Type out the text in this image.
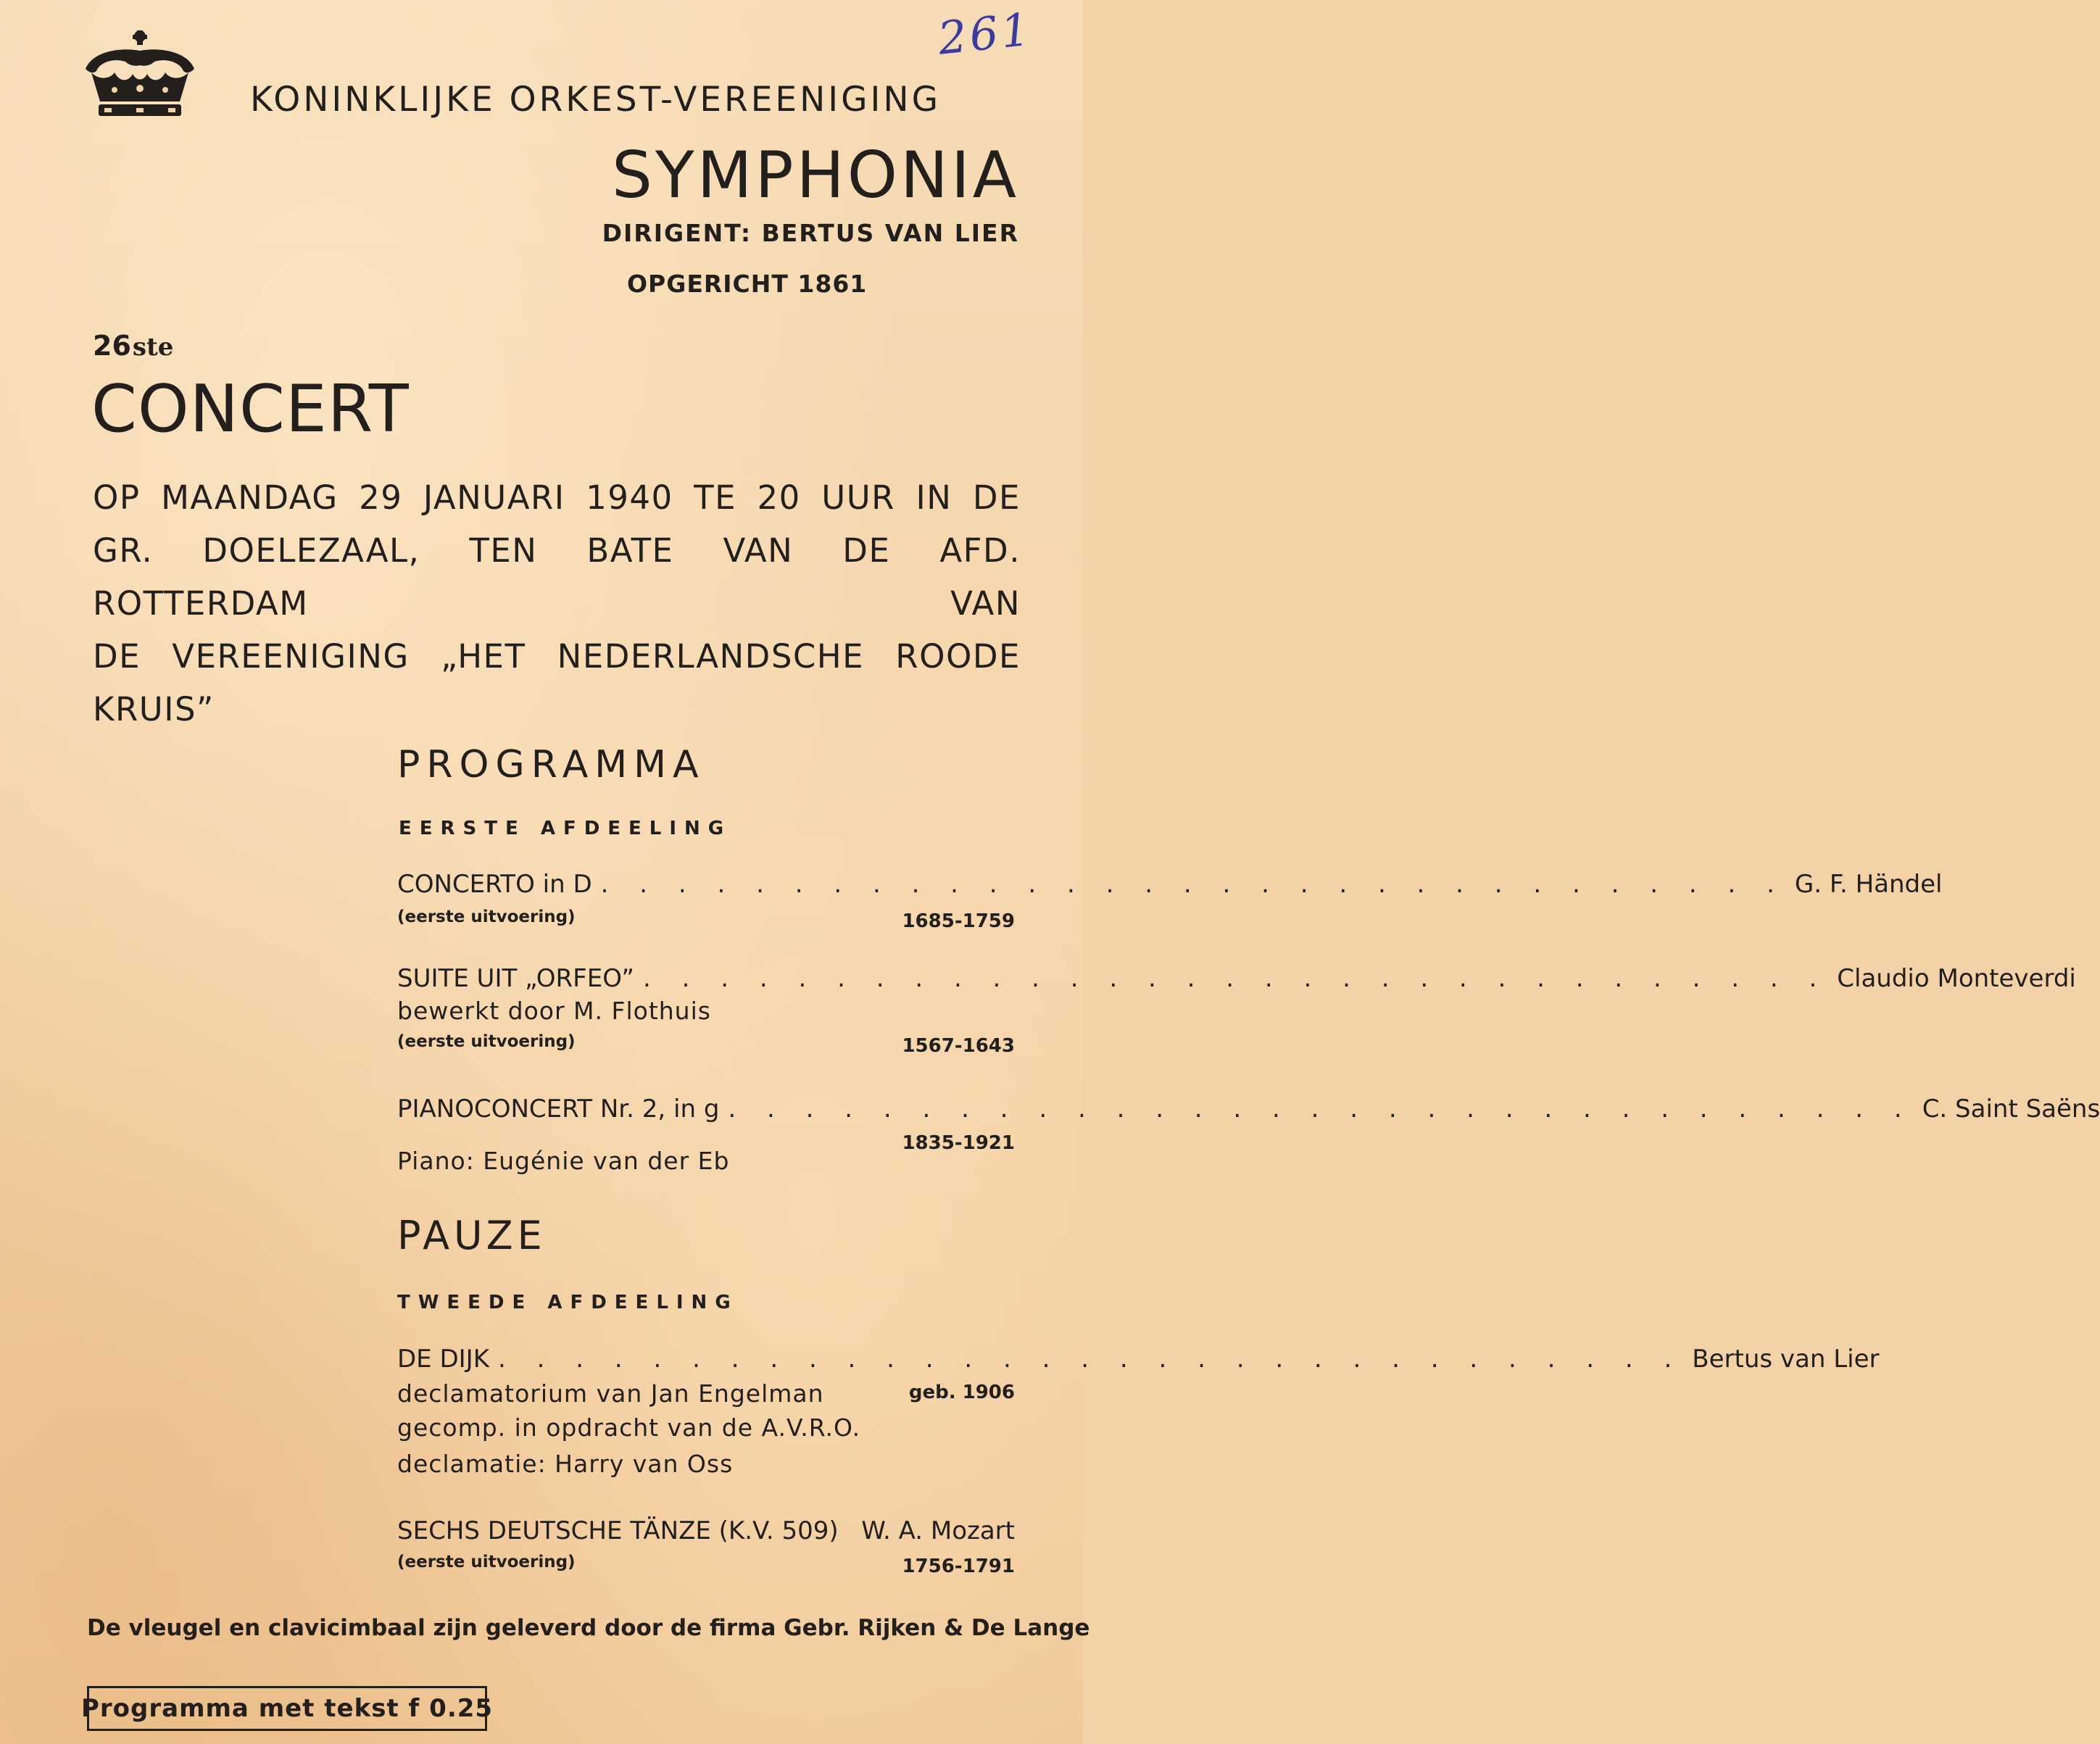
261
KONINKLIJKE ORKEST-VEREENIGING
SYMPHONIA
DIRIGENT: BERTUS VAN LIER
OPGERICHT 1861
26ste
CONCERT
OP MAANDAG 29 JANUARI 1940 TE 20 UUR IN DE
GR. DOELEZAAL, TEN BATE VAN DE AFD. ROTTERDAM VAN
DE VEREENIGING „HET NEDERLANDSCHE ROODE KRUIS”
PROGRAMMA
EERSTE AFDEELING
CONCERTO in D . . . . . . . . . . . . . . . . . . . . . . . . . . . . . . . G. F. Händel
(eerste uitvoering)	1685-1759
SUITE UIT „ORFEO” . . . . . . . . . . . . . . . . . . . . . . . . . . . . . . . Claudio Monteverdi
bewerkt door M. Flothuis
(eerste uitvoering)	1567-1643
PIANOCONCERT Nr. 2, in g . . . . . . . . . . . . . . . . . . . . . . . . . . . . . . . C. Saint Saëns
1835-1921
Piano: Eugénie van der Eb
PAUZE
TWEEDE AFDEELING
DE DIJK . . . . . . . . . . . . . . . . . . . . . . . . . . . . . . . Bertus van Lier
geb. 1906
declamatorium van Jan Engelman
gecomp. in opdracht van de A.V.R.O.
declamatie: Harry van Oss
SECHS DEUTSCHE TÄNZE (K.V. 509) W. A. Mozart
(eerste uitvoering)	1756-1791
De vleugel en clavicimbaal zijn geleverd door de firma Gebr. Rijken & De Lange
Programma met tekst f 0.25
